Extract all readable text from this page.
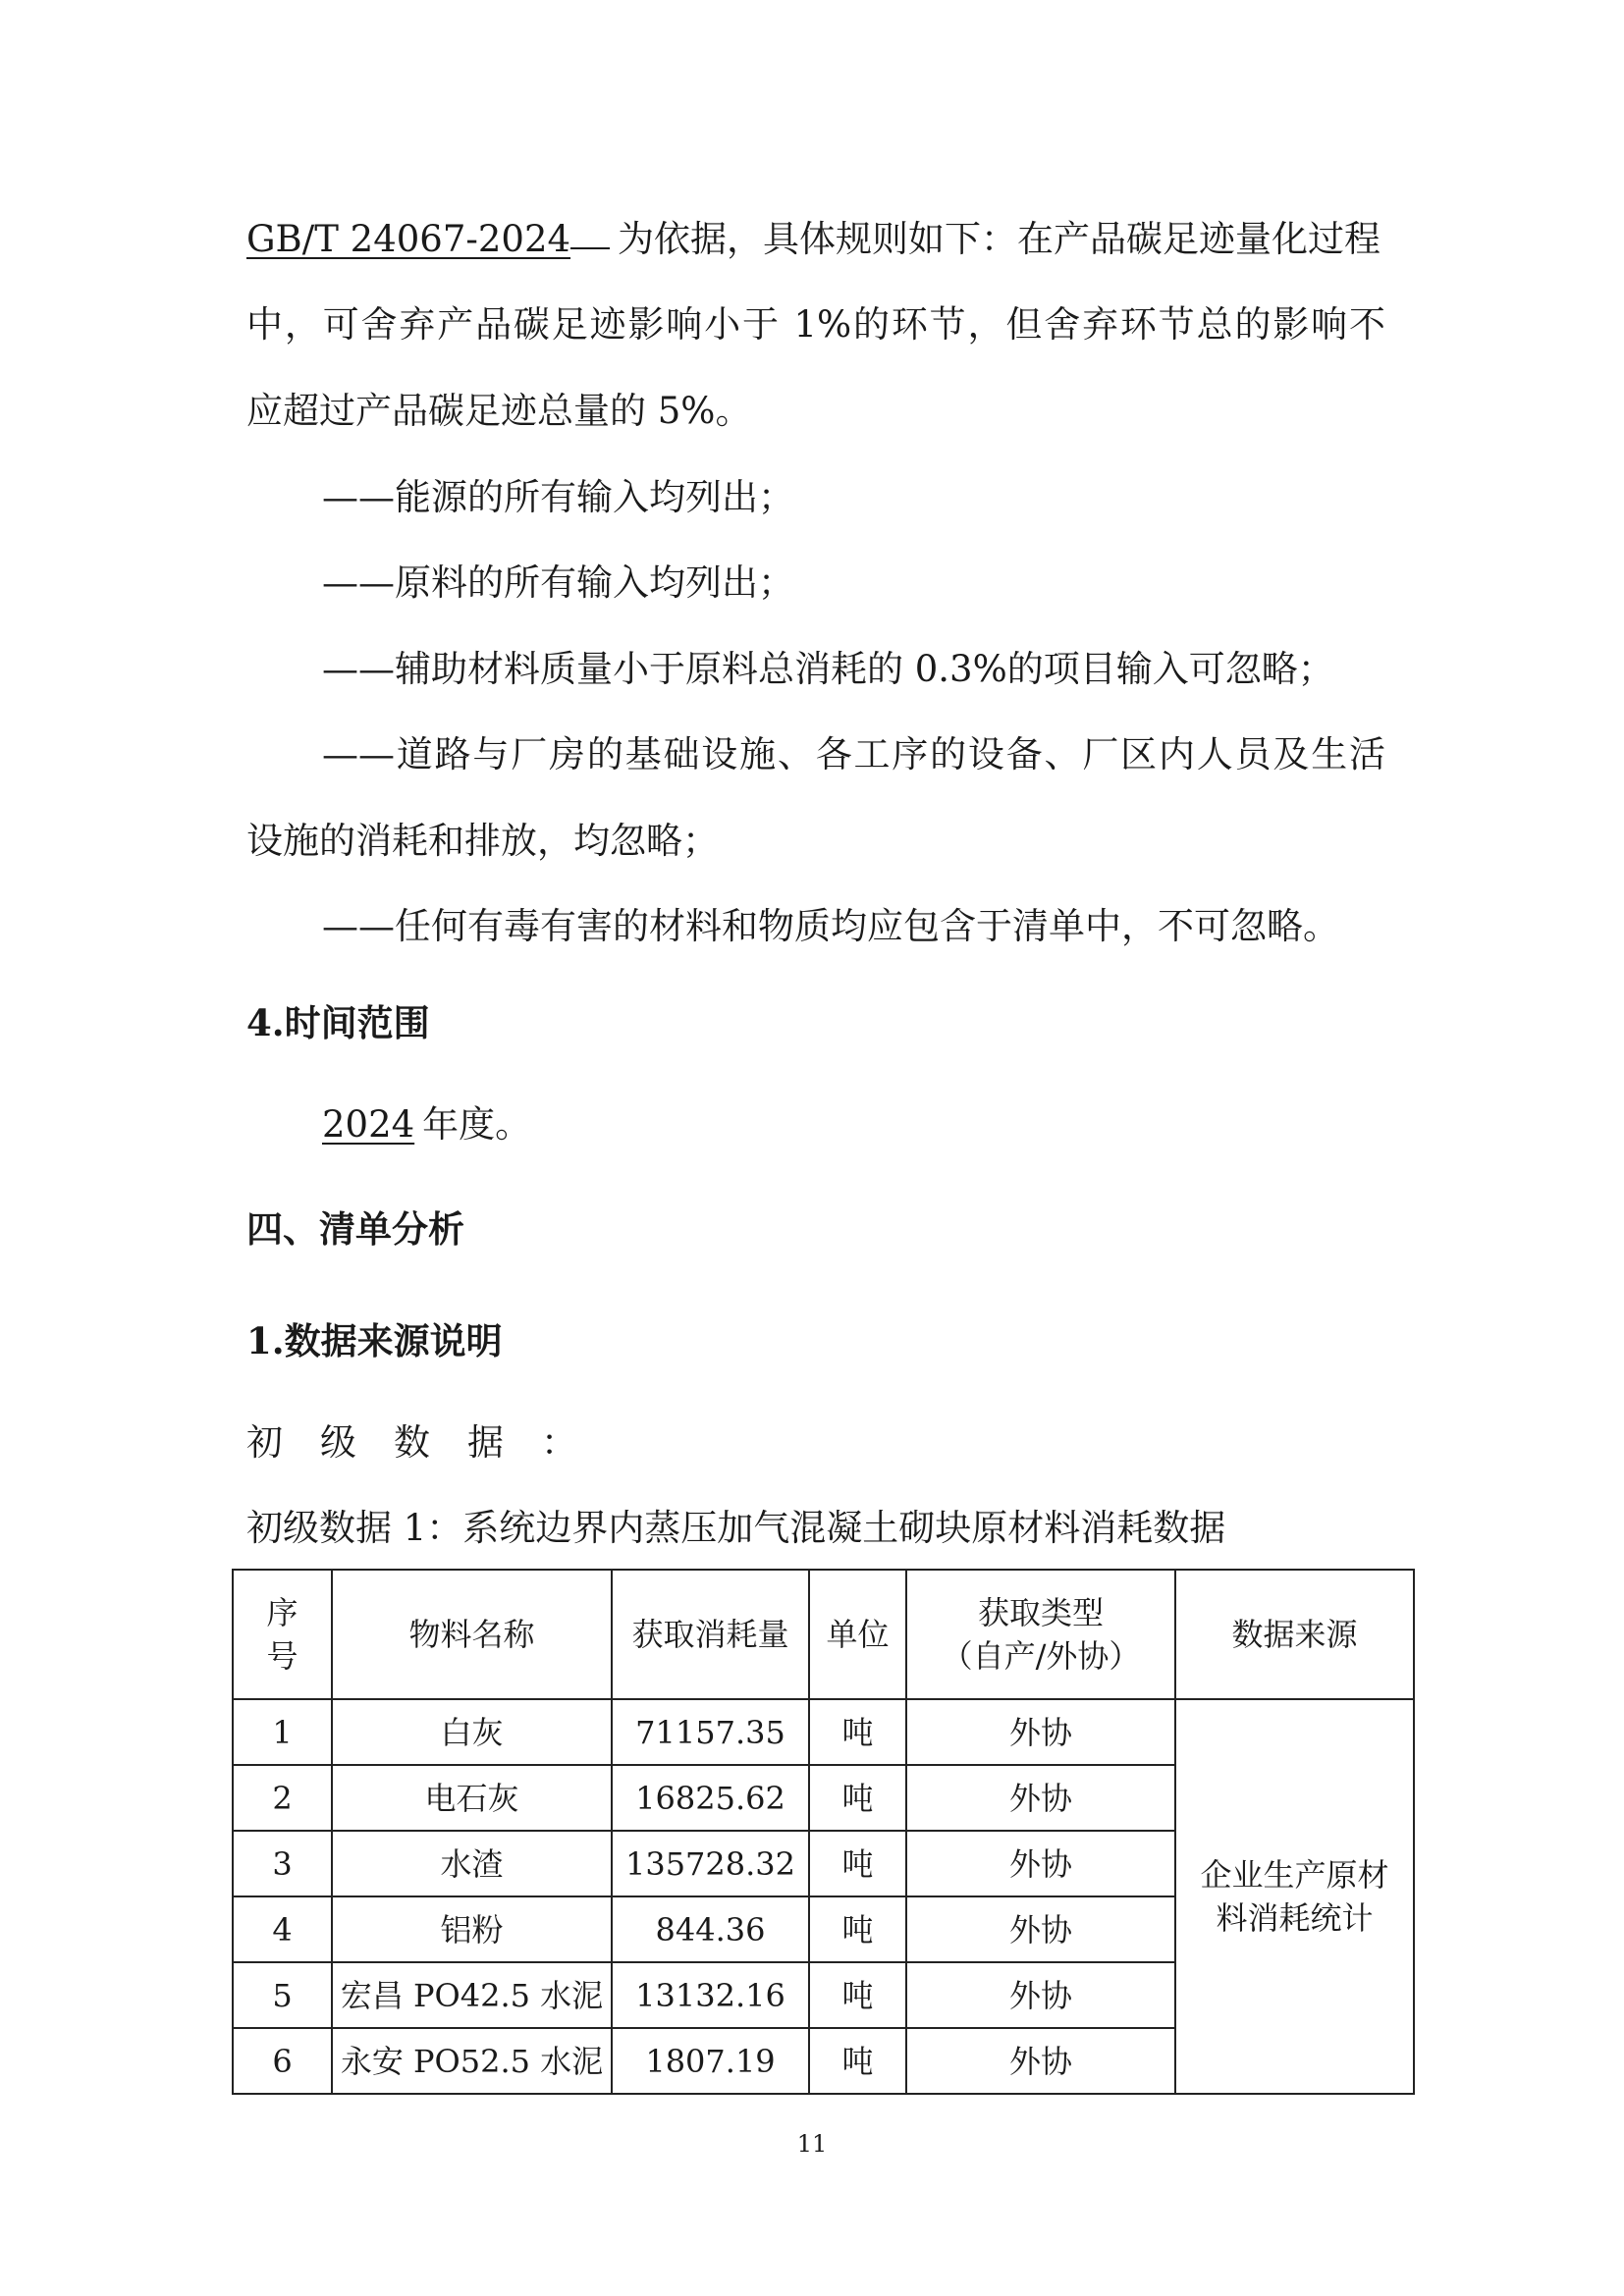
GB/T 24067-2024 为依据，具体规则如下：在产品碳足迹量化过程
中，可舍弃产品碳足迹影响小于 1%的环节，但舍弃环节总的影响不
应超过产品碳足迹总量的 5%。
——能源的所有输入均列出；
——原料的所有输入均列出；
——辅助材料质量小于原料总消耗的 0.3%的项目输入可忽略；
——道路与厂房的基础设施、各工序的设备、厂区内人员及生活
设施的消耗和排放，均忽略；
——任何有毒有害的材料和物质均应包含于清单中，不可忽略。
4.时间范围
2024 年度。
四、清单分析
1.数据来源说明
初级数据：
初级数据 1：系统边界内蒸压加气混凝土砌块原材料消耗数据
序
号	物料名称	获取消耗量	单位	获取类型
（自产/外协）	数据来源
1	白灰	71157.35	吨	外协	企业生产原材
料消耗统计
2	电石灰	16825.62	吨	外协	
3	水渣	135728.32	吨	外协	
4	铝粉	844.36	吨	外协	
5	宏昌 PO42.5 水泥	13132.16	吨	外协	
6	永安 PO52.5 水泥	1807.19	吨	外协	
11
